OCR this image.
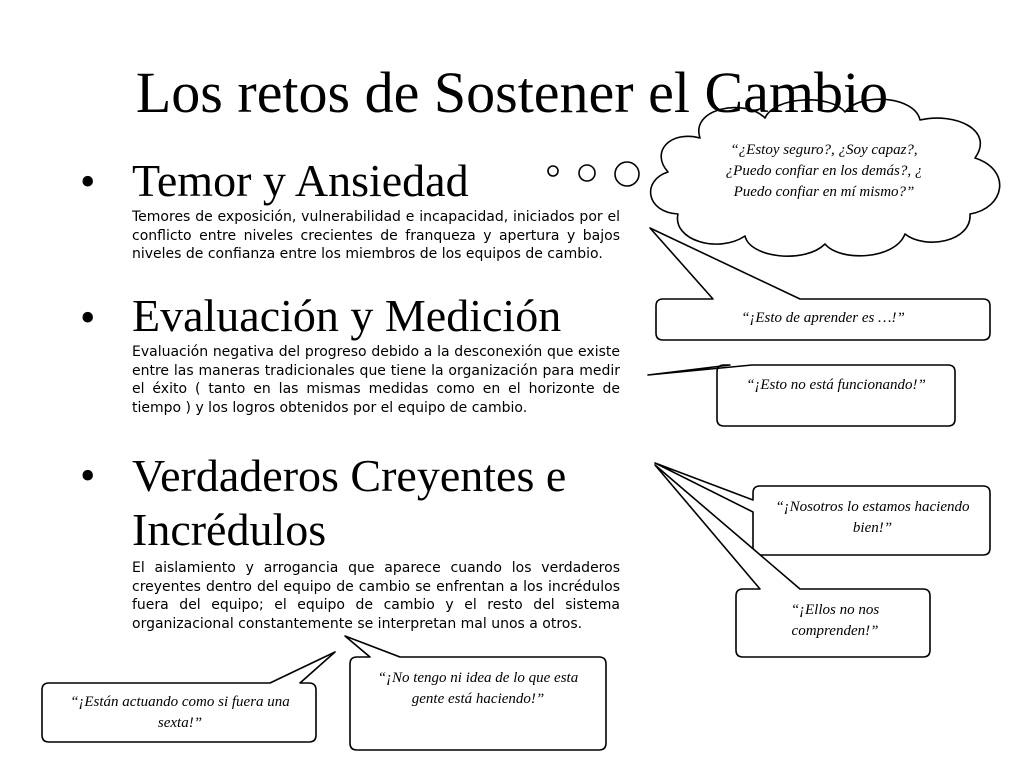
Los retos de Sostener el Cambio
• Temor y Ansiedad

Temores de exposición, vulnerabilidad e incapacidad, iniciados por el conflicto entre niveles crecientes de franqueza y apertura y bajos niveles de confianza entre los miembros de los equipos de cambio.

• Evaluación y Medición

Evaluación negativa del progreso debido a la desconexión que existe entre las maneras tradicionales que tiene la organización para medir el éxito ( tanto en las mismas medidas como en el horizonte de tiempo ) y los logros obtenidos por el equipo de cambio.

• Verdaderos Creyentes e
Incrédulos

El aislamiento y arrogancia que aparece cuando los verdaderos creyentes dentro del equipo de cambio se enfrentan a los incrédulos fuera del equipo; el equipo de cambio y el resto del sistema organizacional constantemente se interpretan mal unos a otros.

“¿Estoy seguro?, ¿Soy capaz?, ¿Puedo confiar en los demás?, ¿ Puedo confiar en mí mismo?”
“¡Esto de aprender es …!”
“¡Esto no está funcionando!”
“¡Nosotros lo estamos haciendo bien!”
“¡Ellos no nos comprenden!”
“¡No tengo ni idea de lo que esta gente está haciendo!”
“¡Están actuando como si fuera una sexta!”
